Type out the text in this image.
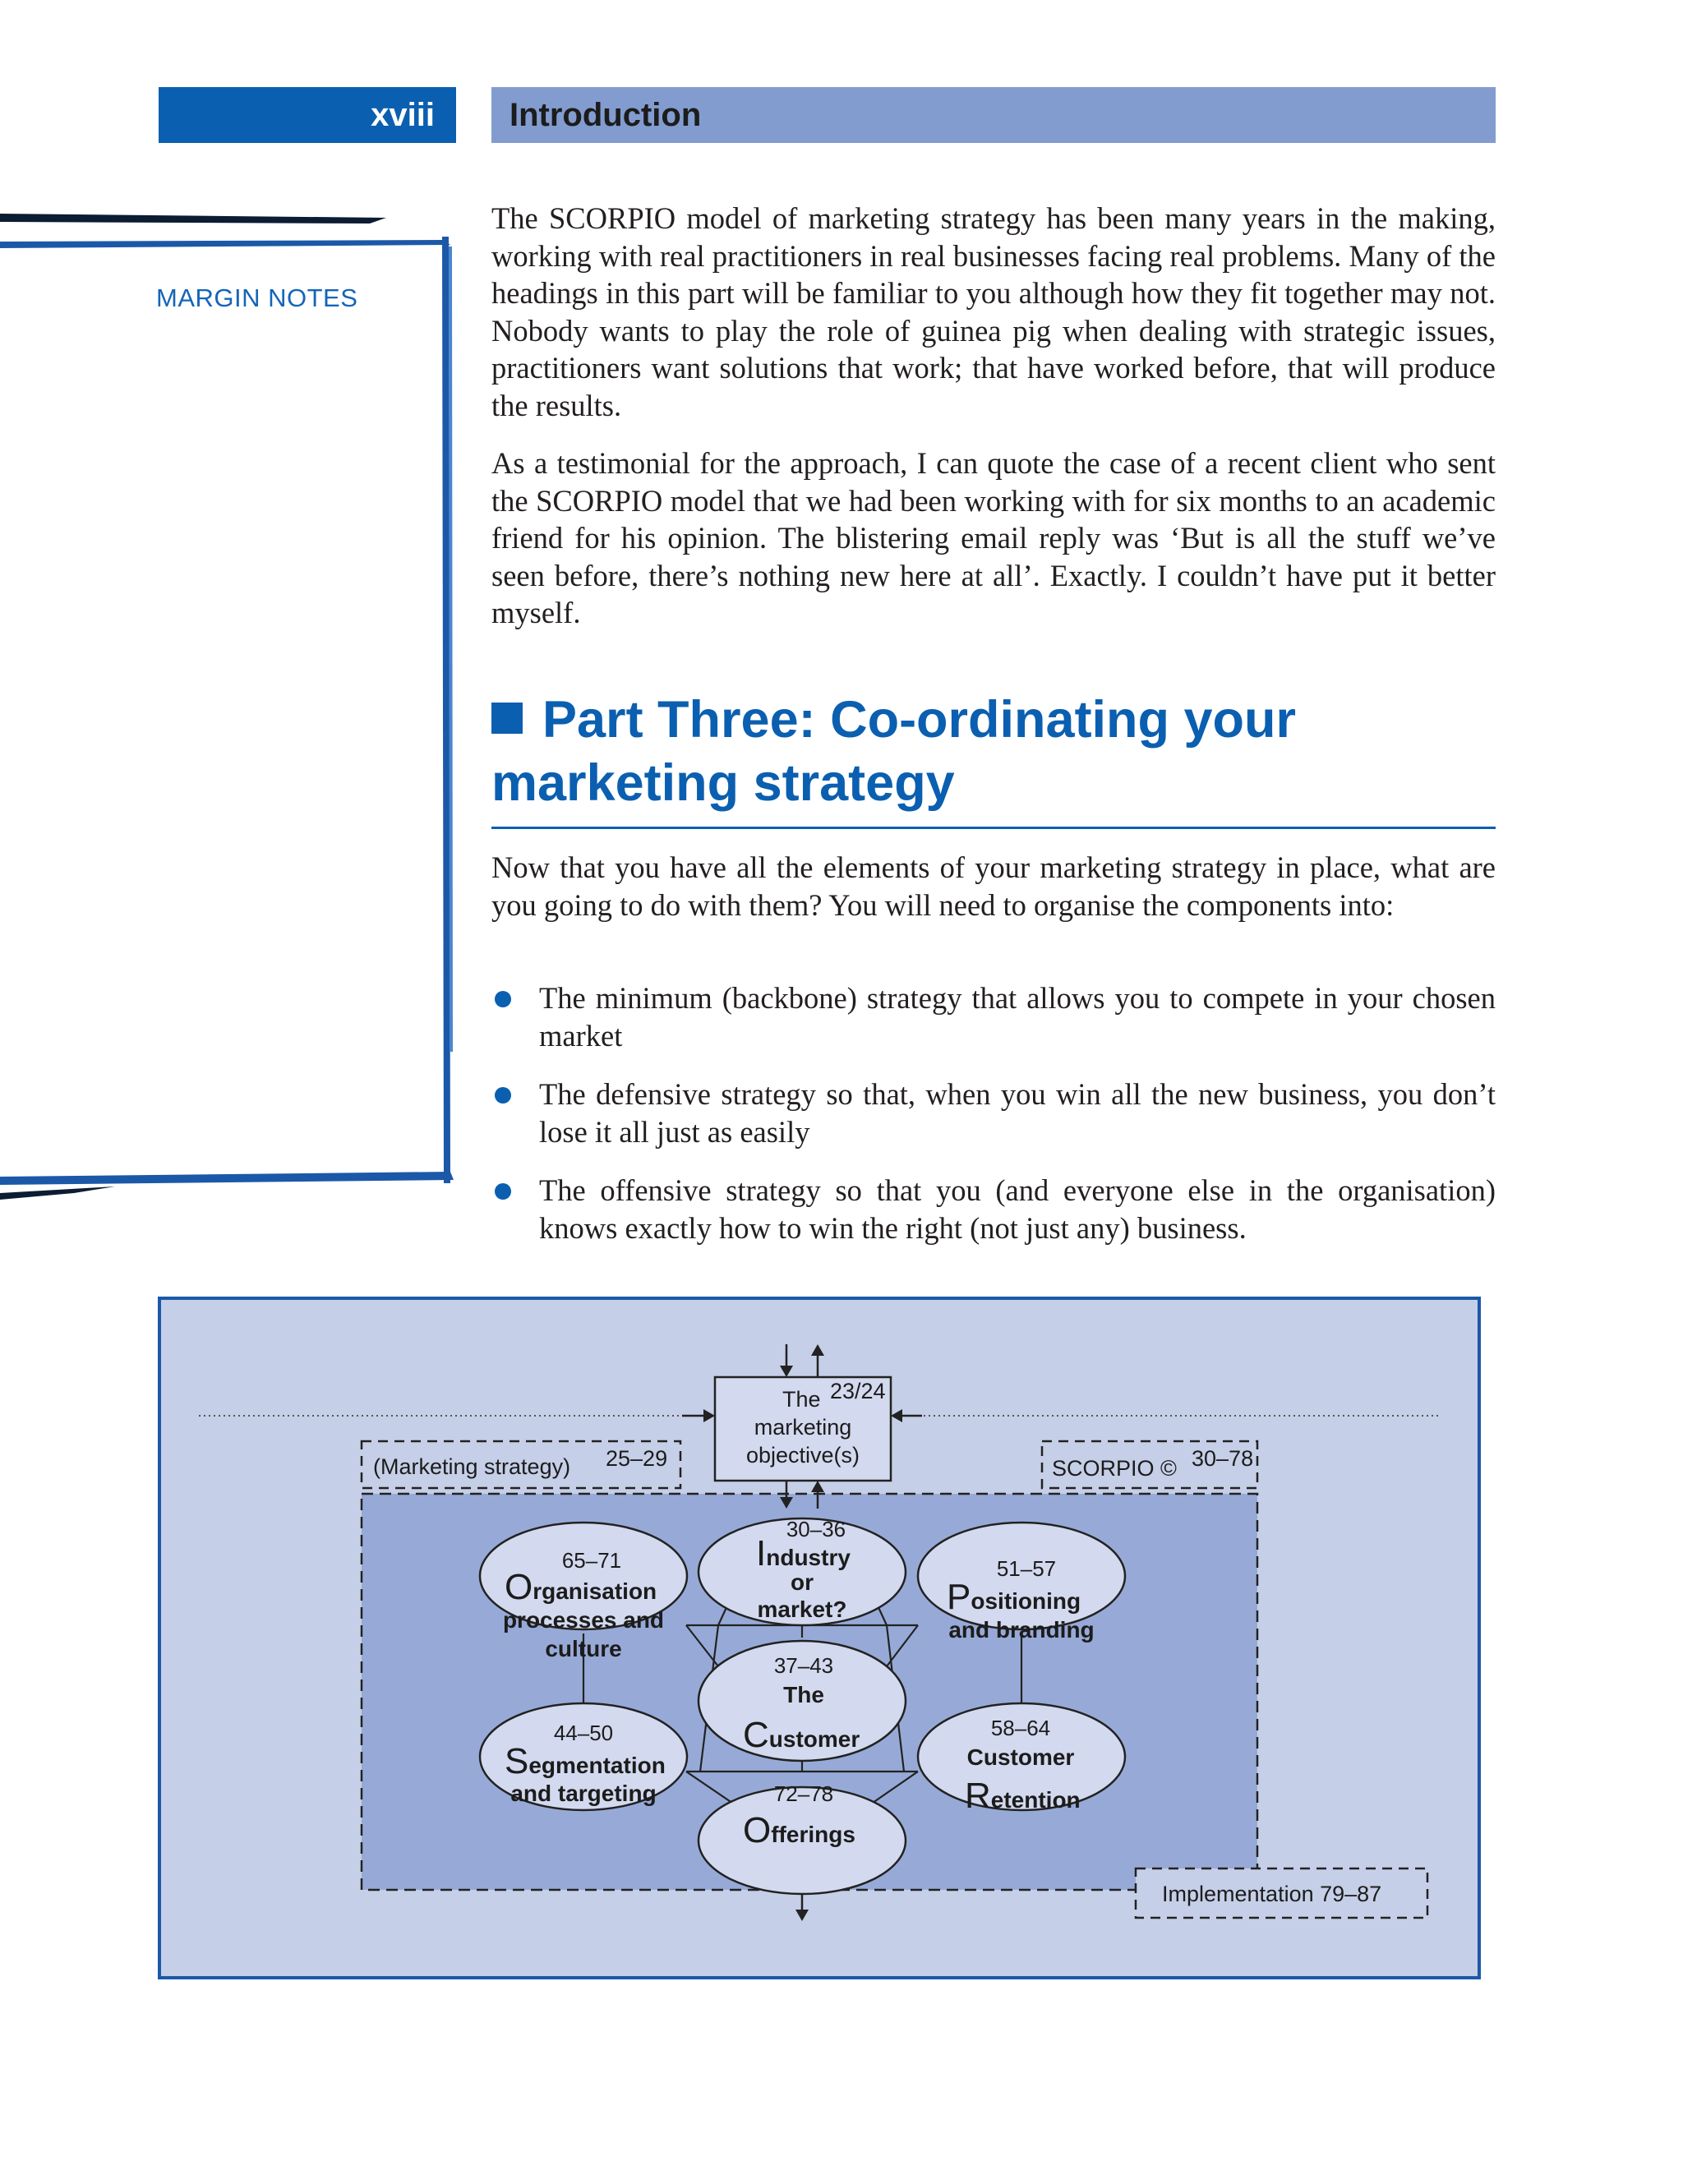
xviii	Introduction
MARGIN NOTES

The SCORPIO model of marketing strategy has been many years in the making, working with real practitioners in real businesses facing real problems. Many of the headings in this part will be familiar to you although how they fit together may not. Nobody wants to play the role of guinea pig when dealing with strategic issues, practitioners want solutions that work; that have worked before, that will produce the results.

As a testimonial for the approach, I can quote the case of a recent client who sent the SCORPIO model that we had been working with for six months to an academic friend for his opinion. The blistering email reply was ‘But is all the stuff we’ve seen before, there’s nothing new here at all’. Exactly. I couldn’t have put it better myself.

Part Three: Co-ordinating your marketing strategy

Now that you have all the elements of your marketing strategy in place, what are you going to do with them? You will need to organise the components into:

The minimum (backbone) strategy that allows you to compete in your chosen market
The defensive strategy so that, when you win all the new business, you don’t lose it all just as easily
The offensive strategy so that you (and everyone else in the organisation) knows exactly how to win the right (not just any) business.
(Marketing strategy) 25–29	SCORPIO © 30–78
Implementation 79–87
The 23/24
marketing
objective(s)
30–36
Industry
or
market?
65–71
Organisation
processes and
culture
51–57
Positioning
and branding
37–43
The
Customer
44–50
Segmentation
and targeting
58–64
Customer
Retention
72–78
Offerings
